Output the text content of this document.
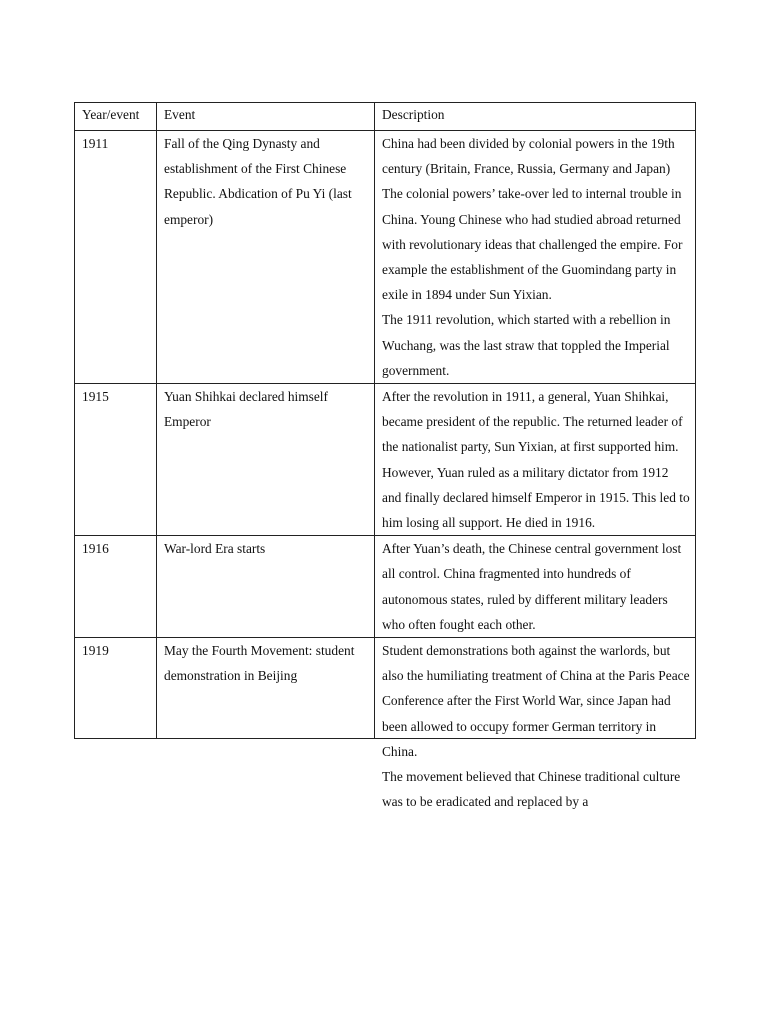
Year/event	Event	Description
1911	Fall of the Qing Dynasty and establishment of the First Chinese Republic. Abdication of Pu Yi (last emperor)	China had been divided by colonial powers in the 19th century (Britain, France, Russia, Germany and Japan)
The colonial powers’ take-over led to internal trouble in China. Young Chinese who had studied abroad returned with revolutionary ideas that challenged the empire. For example the establishment of the Guomindang party in exile in 1894 under Sun Yixian.
The 1911 revolution, which started with a rebellion in Wuchang, was the last straw that toppled the Imperial government.

1915	Yuan Shihkai declared himself Emperor	After the revolution in 1911, a general, Yuan Shihkai, became president of the republic. The returned leader of the nationalist party, Sun Yixian, at first supported him. However, Yuan ruled as a military dictator from 1912 and finally declared himself Emperor in 1915. This led to him losing all support. He died in 1916.

1916	War-lord Era starts	After Yuan’s death, the Chinese central government lost all control. China fragmented into hundreds of autonomous states, ruled by different military leaders who often fought each other.

1919	May the Fourth Movement: student demonstration in Beijing	Student demonstrations both against the warlords, but also the humiliating treatment of China at the Paris Peace Conference after the First World War, since Japan had been allowed to occupy former German territory in China.
The movement believed that Chinese traditional culture was to be eradicated and replaced by a
